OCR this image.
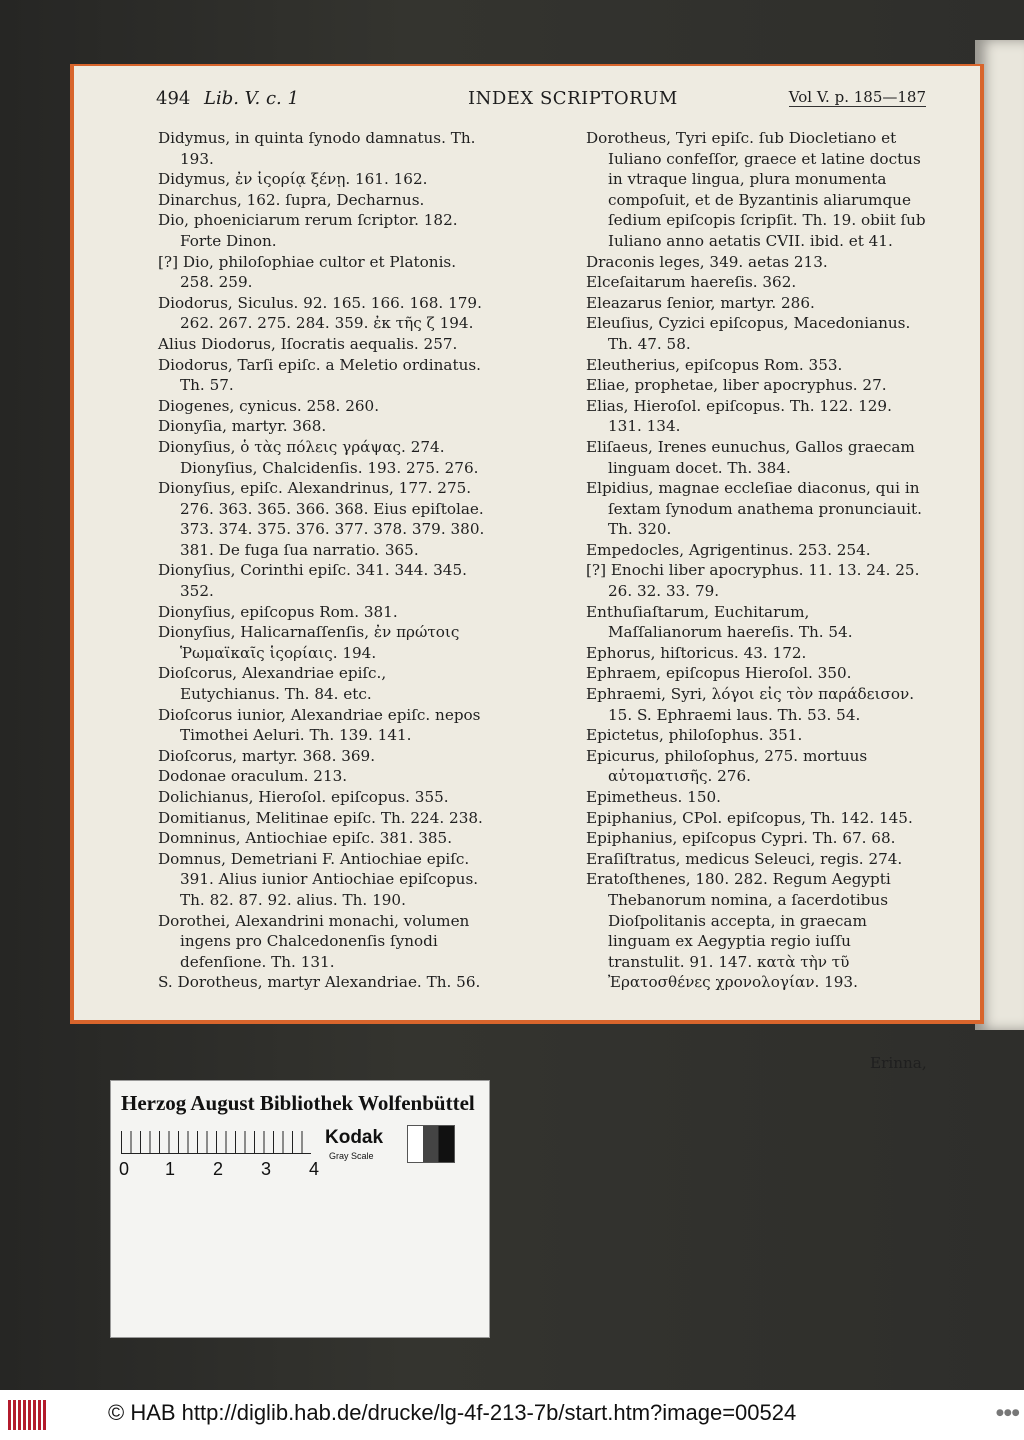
494 Lib. V. c. 1	INDEX SCRIPTORUM	Vol V. p. 185—187

Didymus, in quinta ſynodo damnatus. Th. 193.

Didymus, ἐν ἱςορίᾳ ξένῃ. 161. 162.

Dinarchus, 162. ſupra, Decharnus.

Dio, phoeniciarum rerum ſcriptor. 182. Forte Dinon.

[?] Dio, philoſophiae cultor et Platonis. 258. 259.

Diodorus, Siculus. 92. 165. 166. 168. 179. 262. 267. 275. 284. 359. ἐκ τῆς ζ 194.

Alius Diodorus, Iſocratis aequalis. 257.

Diodorus, Tarſi epiſc. a Meletio ordinatus. Th. 57.

Diogenes, cynicus. 258. 260.

Dionyſia, martyr. 368.

Dionyſius, ὁ τὰς πόλεις γράψας. 274. Dionyſius, Chalcidenſis. 193. 275. 276.

Dionyſius, epiſc. Alexandrinus, 177. 275. 276. 363. 365. 366. 368. Eius epiſtolae. 373. 374. 375. 376. 377. 378. 379. 380. 381. De fuga ſua narratio. 365.

Dionyſius, Corinthi epiſc. 341. 344. 345. 352.

Dionyſius, epiſcopus Rom. 381.

Dionyſius, Halicarnaſſenſis, ἐν πρώτοις Ῥωμαϊκαῖς ἱςορίαις. 194.

Dioſcorus, Alexandriae epiſc., Eutychianus. Th. 84. etc.

Dioſcorus iunior, Alexandriae epiſc. nepos Timothei Aeluri. Th. 139. 141.

Dioſcorus, martyr. 368. 369.

Dodonae oraculum. 213.

Dolichianus, Hieroſol. epiſcopus. 355.

Domitianus, Melitinae epiſc. Th. 224. 238.

Domninus, Antiochiae epiſc. 381. 385.

Domnus, Demetriani F. Antiochiae epiſc. 391. Alius iunior Antiochiae epiſcopus. Th. 82. 87. 92. alius. Th. 190.

Dorothei, Alexandrini monachi, volumen ingens pro Chalcedonenſis ſynodi defenſione. Th. 131.

S. Dorotheus, martyr Alexandriae. Th. 56.

Dorotheus, Tyri epiſc. ſub Diocletiano et Iuliano confeſſor, graece et latine doctus in vtraque lingua, plura monumenta compoſuit, et de Byzantinis aliarumque ſedium epiſcopis ſcripſit. Th. 19. obiit ſub Iuliano anno aetatis CVII. ibid. et 41.

Draconis leges, 349. aetas 213.

Elceſaitarum haereſis. 362.

Eleazarus ſenior, martyr. 286.

Eleuſius, Cyzici epiſcopus, Macedonianus. Th. 47. 58.

Eleutherius, epiſcopus Rom. 353.

Eliae, prophetae, liber apocryphus. 27.

Elias, Hieroſol. epiſcopus. Th. 122. 129. 131. 134.

Eliſaeus, Irenes eunuchus, Gallos graecam linguam docet. Th. 384.

Elpidius, magnae eccleſiae diaconus, qui in ſextam ſynodum anathema pronunciauit. Th. 320.

Empedocles, Agrigentinus. 253. 254.

[?] Enochi liber apocryphus. 11. 13. 24. 25. 26. 32. 33. 79.

Enthuſiaſtarum, Euchitarum, Maſſalianorum haereſis. Th. 54.

Ephorus, hiſtoricus. 43. 172.

Ephraem, epiſcopus Hieroſol. 350.

Ephraemi, Syri, λόγοι εἰς τὸν παράδεισον. 15. S. Ephraemi laus. Th. 53. 54.

Epictetus, philoſophus. 351.

Epicurus, philoſophus, 275. mortuus αὐτοματισῆς. 276.

Epimetheus. 150.

Epiphanius, CPol. epiſcopus, Th. 142. 145.

Epiphanius, epiſcopus Cypri. Th. 67. 68.

Eraſiſtratus, medicus Seleuci, regis. 274.

Eratoſthenes, 180. 282. Regum Aegypti Thebanorum nomina, a ſacerdotibus Dioſpolitanis accepta, in graecam linguam ex Aegyptia regio iuſſu transtulit. 91. 147. κατὰ τὴν τῦ Ἐρατοσθένες χρονολογίαν. 193.

Erinna,
Herzog August Bibliothek Wolfenbüttel
0 1 2 3 4
Kodak
Gray Scale
© HAB http://diglib.hab.de/drucke/lg-4f-213-7b/start.htm?image=00524	●●●
